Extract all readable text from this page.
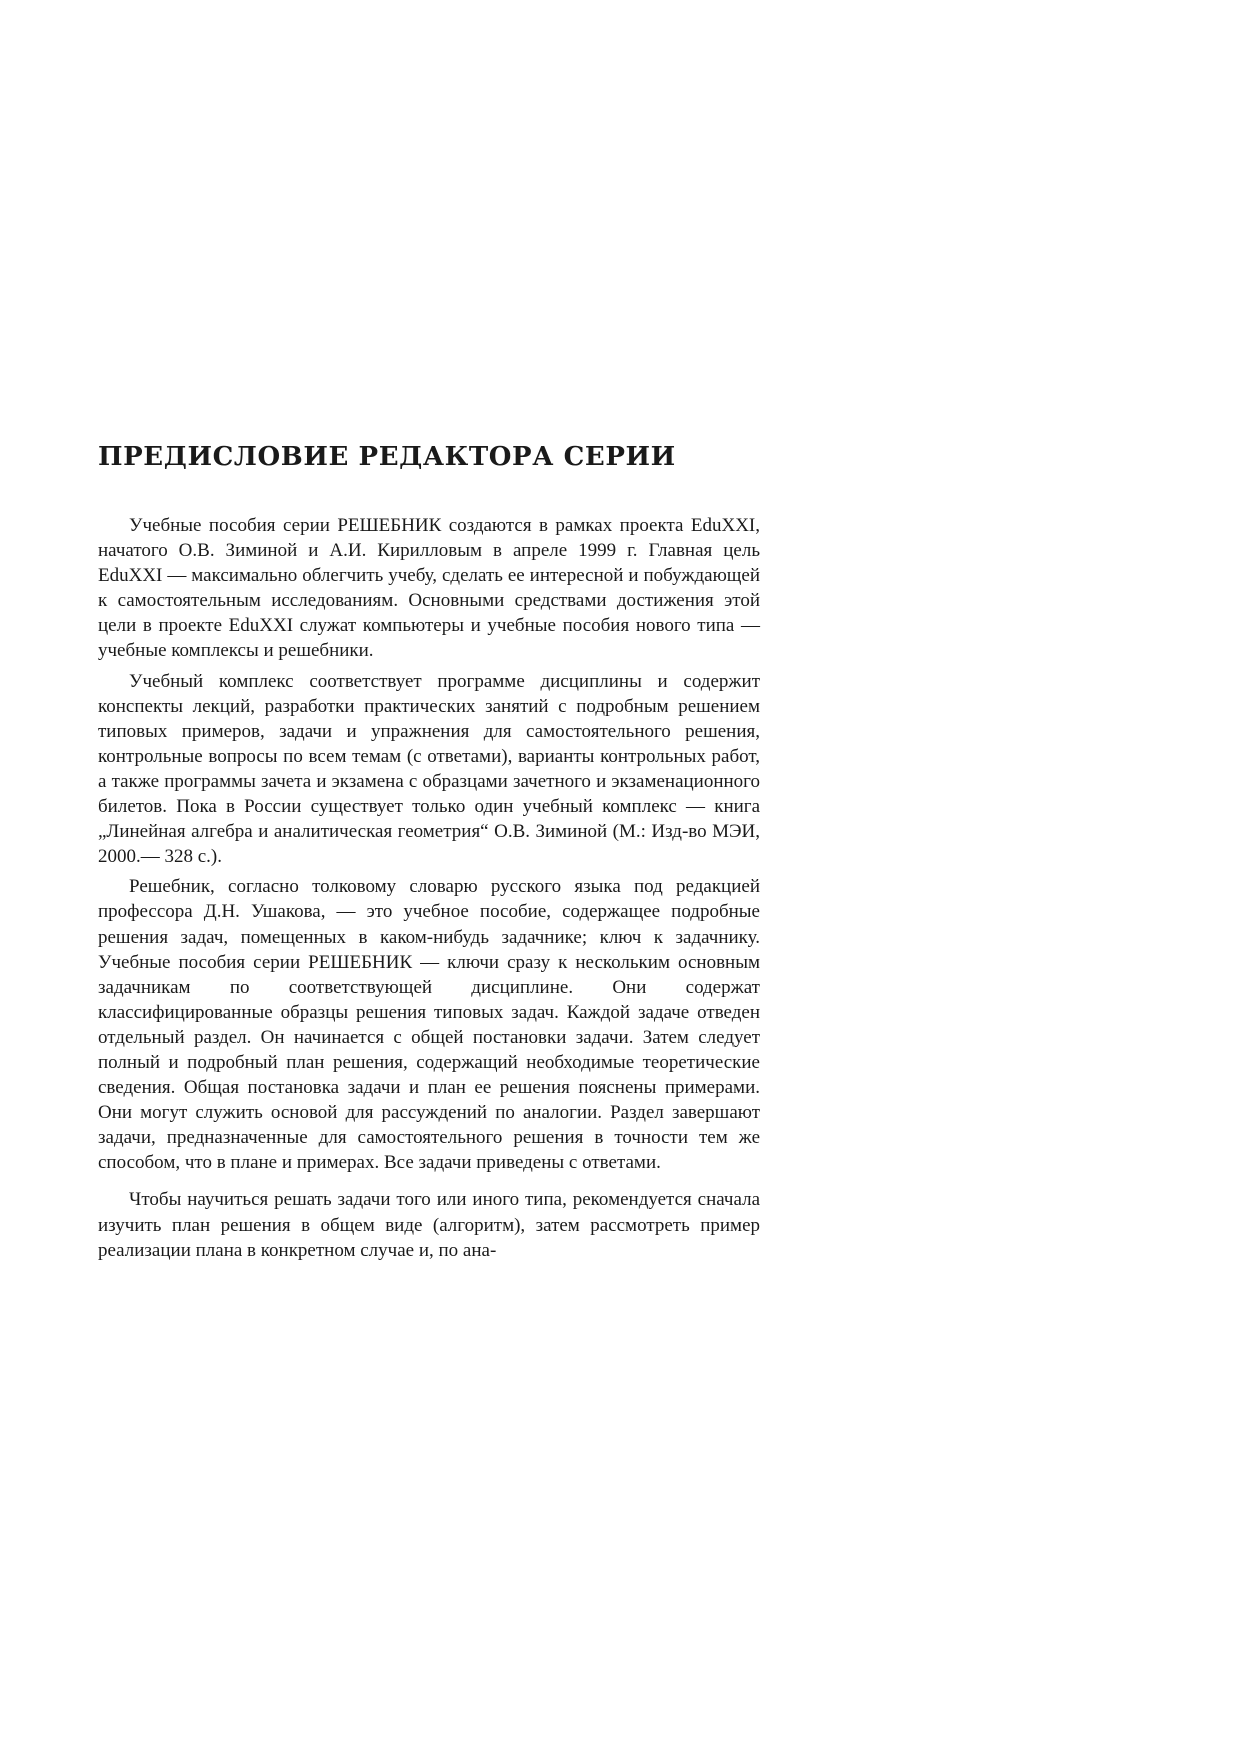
ПРЕДИСЛОВИЕ РЕДАКТОРА СЕРИИ

Учебные пособия серии РЕШЕБНИК создаются в рамках проекта EduXXI, начатого О.В. Зиминой и А.И. Кирилловым в апреле 1999 г. Главная цель EduXXI — максимально облегчить учебу, сделать ее интересной и побуждающей к самостоятельным исследованиям. Основными средствами достижения этой цели в проекте EduXXI служат компьютеры и учебные пособия нового типа — учебные комплексы и решебники.

Учебный комплекс соответствует программе дисциплины и содержит конспекты лекций, разработки практических занятий с подробным решением типовых примеров, задачи и упражнения для самостоятельного решения, контрольные вопросы по всем темам (с ответами), варианты контрольных работ, а также программы зачета и экзамена с образцами зачетного и экзаменационного билетов. Пока в России существует только один учебный комплекс — книга „Линейная алгебра и аналитическая геометрия“ О.В. Зиминой (М.: Изд-во МЭИ, 2000.— 328 с.).

Решебник, согласно толковому словарю русского языка под редакцией профессора Д.Н. Ушакова, — это учебное пособие, содержащее подробные решения задач, помещенных в каком-нибудь задачнике; ключ к задачнику. Учебные пособия серии РЕШЕБНИК — ключи сразу к нескольким основным задачникам по соответствующей дисциплине. Они содержат классифицированные образцы решения типовых задач. Каждой задаче отведен отдельный раздел. Он начинается с общей постановки задачи. Затем следует полный и подробный план решения, содержащий необходимые теоретические сведения. Общая постановка задачи и план ее решения пояснены примерами. Они могут служить основой для рассуждений по аналогии. Раздел завершают задачи, предназначенные для самостоятельного решения в точности тем же способом, что в плане и примерах. Все задачи приведены с ответами.

Чтобы научиться решать задачи того или иного типа, рекомендуется сначала изучить план решения в общем виде (алгоритм), затем рассмотреть пример реализации плана в конкретном случае и, по ана-
